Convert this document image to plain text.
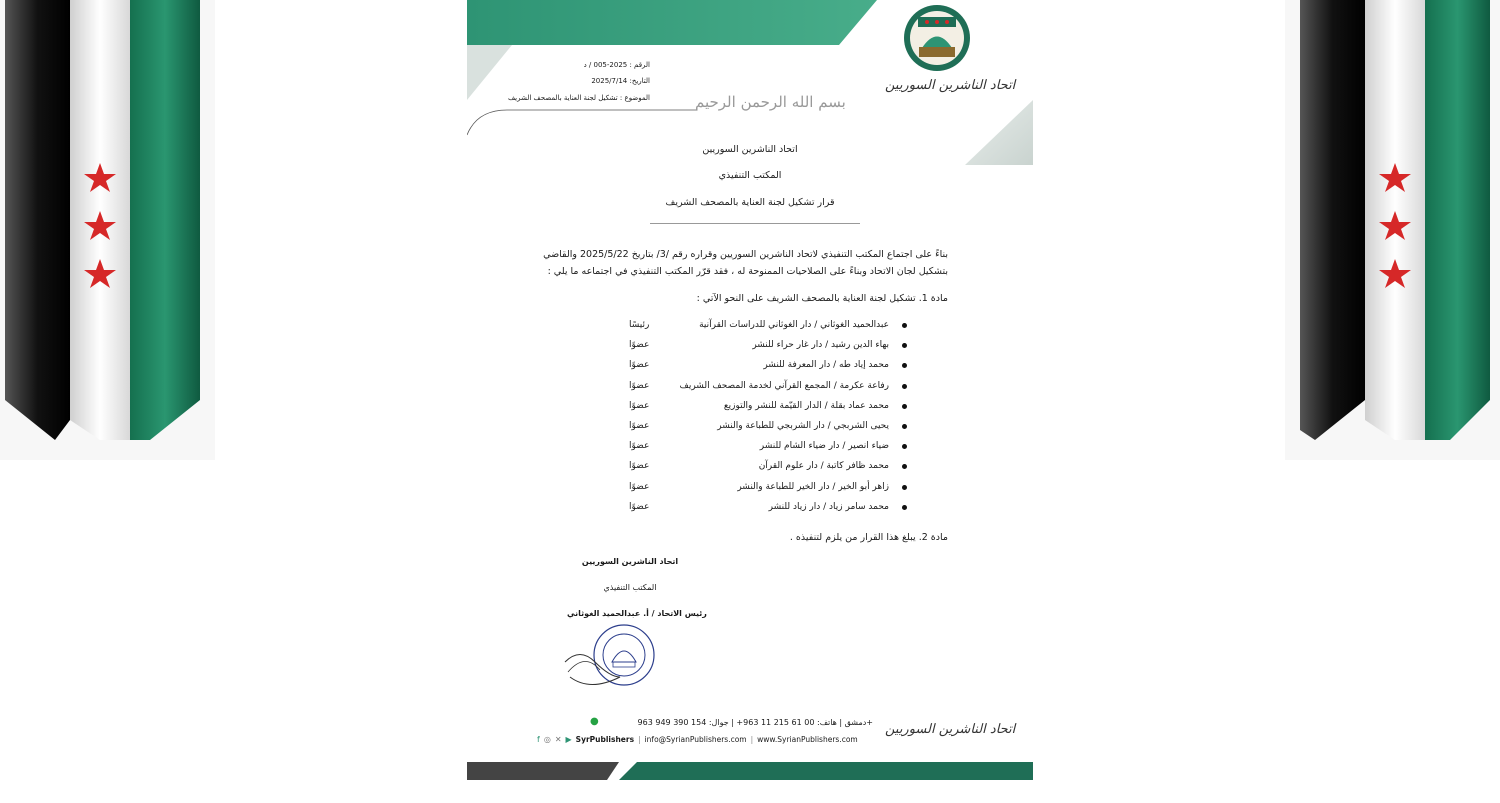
الرقم : 2025-005 / د
التاريخ: 2025/7/14
الموضوع : تشكيل لجنة العناية بالمصحف الشريف	بسم الله الرحمن الرحيم
اتحاد الناشرين السوريين
اتحاد الناشرين السوريين
المكتب التنفيذي
قرار تشكيل لجنة العناية بالمصحف الشريف
بناءً على اجتماع المكتب التنفيذي لاتحاد الناشرين السوريين وقراره رقم /3/ بتاريخ 2025/5/22 والقاضي
بتشكيل لجان الاتحاد وبناءً على الصلاحيات الممنوحة له ، فقد قرّر المكتب التنفيذي في اجتماعه ما يلي :
مادة 1. تشكيل لجنة العناية بالمصحف الشريف على النحو الآتي :
عبدالحميد الغوثاني / دار الغوثاني للدراسات القرآنية
رئيسًا
بهاء الدين رشيد / دار غار حراء للنشر
عضوًا
محمد إياد طه / دار المعرفة للنشر
عضوًا
رفاعة عكرمة / المجمع القرآني لخدمة المصحف الشريف
عضوًا
محمد عماد بقلة / الدار القيّمة للنشر والتوزيع
عضوًا
يحيى الشربجي / دار الشربجي للطباعة والنشر
عضوًا
ضياء انصير / دار ضياء الشام للنشر
عضوًا
محمد ظافر كاتبة / دار علوم القرآن
عضوًا
زاهر أبو الخير / دار الخير للطباعة والنشر
عضوًا
محمد سامر زياد / دار زياد للنشر
عضوًا
مادة 2. يبلغ هذا القرار من يلزم لتنفيذه .
اتحاد الناشرين السوريين
المكتب التنفيذي
رئيس الاتحاد / أ. عبدالحميد الغوثاني
اتحاد الناشرين السوريين
دمشق | هاتف: 00 61 215 11 963+ | جوال: 154 390 949 963+
●
f ◎ ✕ ▶ SyrPublishers | info@SyrianPublishers.com | www.SyrianPublishers.com
